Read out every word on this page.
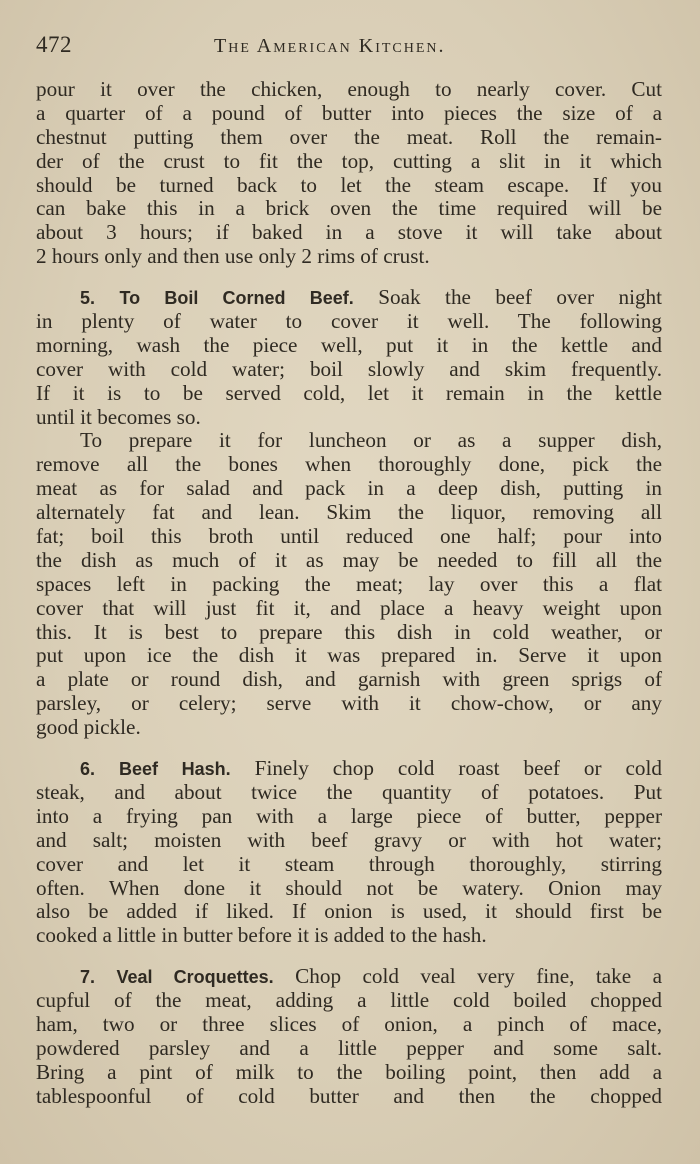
472	The American Kitchen.
pour it over the chicken, enough to nearly cover. Cut
a quarter of a pound of butter into pieces the size of a
chestnut putting them over the meat. Roll the remain-
der of the crust to fit the top, cutting a slit in it which
should be turned back to let the steam escape. If you
can bake this in a brick oven the time required will be
about 3 hours; if baked in a stove it will take about
2 hours only and then use only 2 rims of crust.
5. To Boil Corned Beef. Soak the beef over night
in plenty of water to cover it well. The following
morning, wash the piece well, put it in the kettle and
cover with cold water; boil slowly and skim frequently.
If it is to be served cold, let it remain in the kettle
until it becomes so.
To prepare it for luncheon or as a supper dish,
remove all the bones when thoroughly done, pick the
meat as for salad and pack in a deep dish, putting in
alternately fat and lean. Skim the liquor, removing all
fat; boil this broth until reduced one half; pour into
the dish as much of it as may be needed to fill all the
spaces left in packing the meat; lay over this a flat
cover that will just fit it, and place a heavy weight upon
this. It is best to prepare this dish in cold weather, or
put upon ice the dish it was prepared in. Serve it upon
a plate or round dish, and garnish with green sprigs of
parsley, or celery; serve with it chow-chow, or any
good pickle.
6. Beef Hash. Finely chop cold roast beef or cold
steak, and about twice the quantity of potatoes. Put
into a frying pan with a large piece of butter, pepper
and salt; moisten with beef gravy or with hot water;
cover and let it steam through thoroughly, stirring
often. When done it should not be watery. Onion may
also be added if liked. If onion is used, it should first be
cooked a little in butter before it is added to the hash.
7. Veal Croquettes. Chop cold veal very fine, take a
cupful of the meat, adding a little cold boiled chopped
ham, two or three slices of onion, a pinch of mace,
powdered parsley and a little pepper and some salt.
Bring a pint of milk to the boiling point, then add a
tablespoonful of cold butter and then the chopped
